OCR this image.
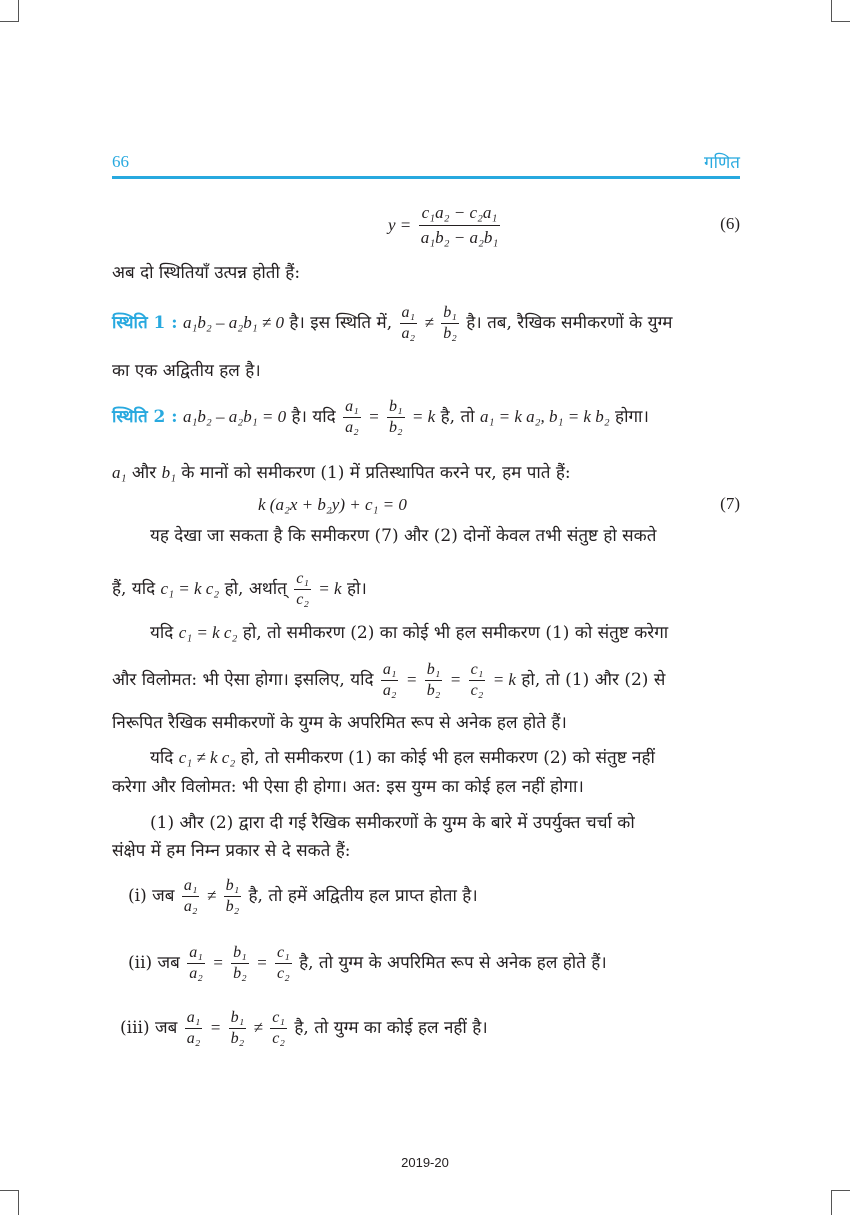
66	गणित
$y = \frac{\text{c₁a₂ − c₂a₁}}{\text{a₁b₂ − a₂b₁}}$	(6)
अब दो स्थितियाँ उत्पन्न होती हैं:
स्थिति 1 : a₁b₂ – a₂b₁ ≠ 0 है। इस स्थिति में, $\frac{\text{a₁}}{\text{a₂}} \ne \frac{\text{b₁}}{\text{b₂}}$ है। तब, रैखिक समीकरणों के युग्म
का एक अद्वितीय हल है।
स्थिति 2 : a₁b₂ – a₂b₁ = 0 है। यदि $\frac{\text{a₁}}{\text{a₂}} = \frac{\text{b₁}}{\text{b₂}} = k$ है, तो a₁ = k a₂, b₁ = k b₂ होगा।
a₁ और b₁ के मानों को समीकरण (1) में प्रतिस्थापित करने पर, हम पाते हैं:
k (a₂x + b₂y) + c₁ = 0	(7)
यह देखा जा सकता है कि समीकरण (7) और (2) दोनों केवल तभी संतुष्ट हो सकते
हैं, यदि c₁ = k c₂ हो, अर्थात् $\frac{\text{c₁}}{\text{c₂}} = k$ हो।
यदि c₁ = k c₂ हो, तो समीकरण (2) का कोई भी हल समीकरण (1) को संतुष्ट करेगा
और विलोमत: भी ऐसा होगा। इसलिए, यदि $\frac{\text{a₁}}{\text{a₂}} = \frac{\text{b₁}}{\text{b₂}} = \frac{\text{c₁}}{\text{c₂}} = k$ हो, तो (1) और (2) से
निरूपित रैखिक समीकरणों के युग्म के अपरिमित रूप से अनेक हल होते हैं।
यदि c₁ ≠ k c₂ हो, तो समीकरण (1) का कोई भी हल समीकरण (2) को संतुष्ट नहीं
करेगा और विलोमत: भी ऐसा ही होगा। अत: इस युग्म का कोई हल नहीं होगा।
(1) और (2) द्वारा दी गई रैखिक समीकरणों के युग्म के बारे में उपर्युक्त चर्चा को
संक्षेप में हम निम्न प्रकार से दे सकते हैं:
(i) जब $\frac{\text{a₁}}{\text{a₂}} \ne \frac{\text{b₁}}{\text{b₂}}$ है, तो हमें अद्वितीय हल प्राप्त होता है।
(ii) जब $\frac{\text{a₁}}{\text{a₂}} = \frac{\text{b₁}}{\text{b₂}} = \frac{\text{c₁}}{\text{c₂}}$ है, तो युग्म के अपरिमित रूप से अनेक हल होते हैं।
(iii) जब $\frac{\text{a₁}}{\text{a₂}} = \frac{\text{b₁}}{\text{b₂}} \ne \frac{\text{c₁}}{\text{c₂}}$ है, तो युग्म का कोई हल नहीं है।
2019-20
